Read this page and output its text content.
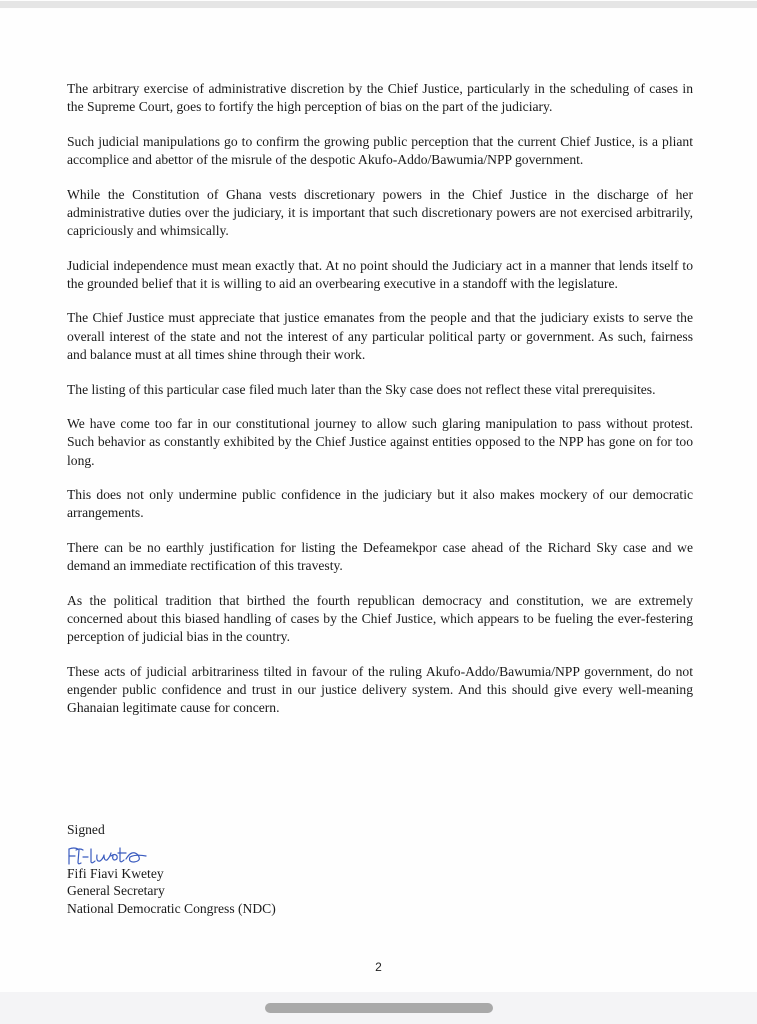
The arbitrary exercise of administrative discretion by the Chief Justice, particularly in the scheduling of cases in the Supreme Court, goes to fortify the high perception of bias on the part of the judiciary.

Such judicial manipulations go to confirm the growing public perception that the current Chief Justice, is a pliant accomplice and abettor of the misrule of the despotic Akufo-Addo/Bawumia/NPP government.

While the Constitution of Ghana vests discretionary powers in the Chief Justice in the discharge of her administrative duties over the judiciary, it is important that such discretionary powers are not exercised arbitrarily, capriciously and whimsically.

Judicial independence must mean exactly that. At no point should the Judiciary act in a manner that lends itself to the grounded belief that it is willing to aid an overbearing executive in a standoff with the legislature.

The Chief Justice must appreciate that justice emanates from the people and that the judiciary exists to serve the overall interest of the state and not the interest of any particular political party or government. As such, fairness and balance must at all times shine through their work.

The listing of this particular case filed much later than the Sky case does not reflect these vital prerequisites.

We have come too far in our constitutional journey to allow such glaring manipulation to pass without protest. Such behavior as constantly exhibited by the Chief Justice against entities opposed to the NPP has gone on for too long.

This does not only undermine public confidence in the judiciary but it also makes mockery of our democratic arrangements.

There can be no earthly justification for listing the Defeamekpor case ahead of the Richard Sky case and we demand an immediate rectification of this travesty.

As the political tradition that birthed the fourth republican democracy and constitution, we are extremely concerned about this biased handling of cases by the Chief Justice, which appears to be fueling the ever-festering perception of judicial bias in the country.

These acts of judicial arbitrariness tilted in favour of the ruling Akufo-Addo/Bawumia/NPP government, do not engender public confidence and trust in our justice delivery system. And this should give every well-meaning Ghanaian legitimate cause for concern.

Signed
Fifi Fiavi Kwetey
General Secretary
National Democratic Congress (NDC)
2
